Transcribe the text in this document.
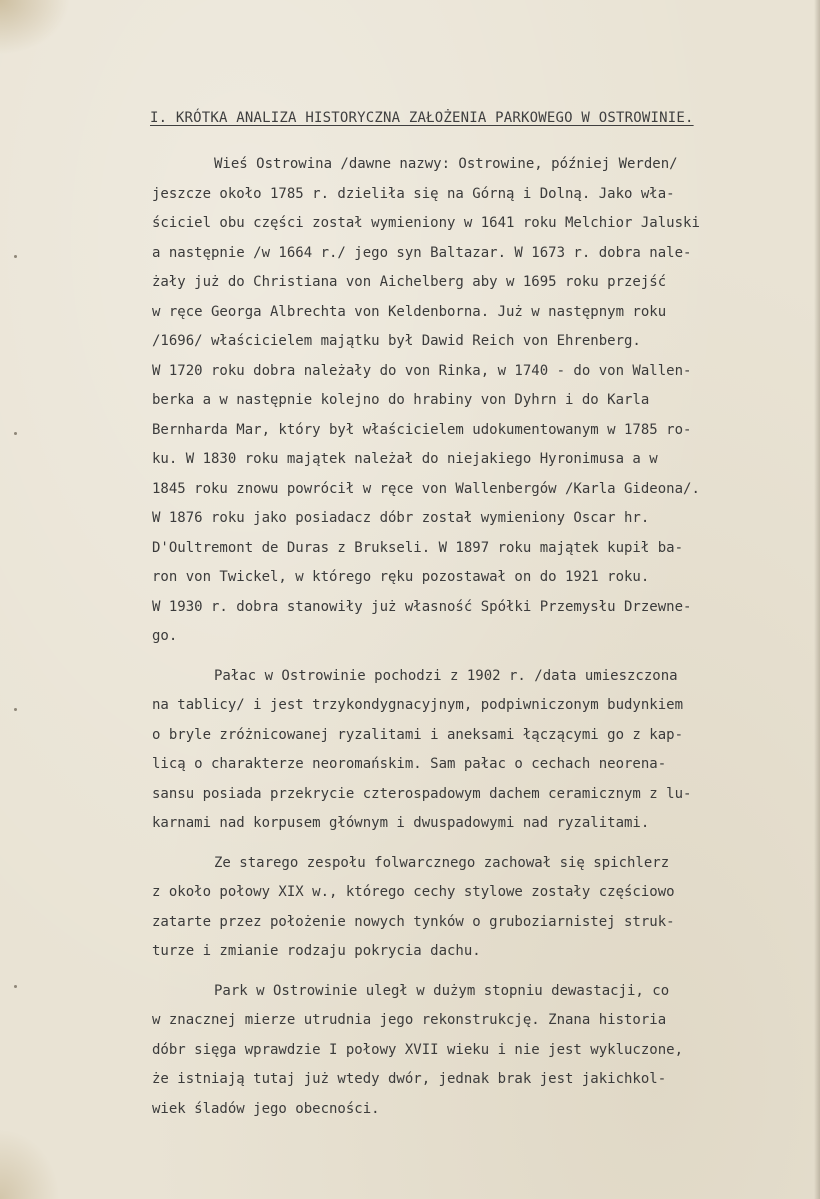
I. KRÓTKA ANALIZA HISTORYCZNA ZAŁOŻENIA PARKOWEGO W OSTROWINIE.
Wieś Ostrowina /dawne nazwy: Ostrowine, później Werden/
jeszcze około 1785 r. dzieliła się na Górną i Dolną. Jako wła-
ściciel obu części został wymieniony w 1641 roku Melchior Jaluski
a następnie /w 1664 r./ jego syn Baltazar. W 1673 r. dobra nale-
żały już do Christiana von Aichelberg aby w 1695 roku przejść
w ręce Georga Albrechta von Keldenborna. Już w następnym roku
/1696/ właścicielem majątku był Dawid Reich von Ehrenberg.
W 1720 roku dobra należały do von Rinka, w 1740 - do von Wallen-
berka a w następnie kolejno do hrabiny von Dyhrn i do Karla
Bernharda Mar, który był właścicielem udokumentowanym w 1785 ro-
ku. W 1830 roku majątek należał do niejakiego Hyronimusa a w
1845 roku znowu powrócił w ręce von Wallenbergów /Karla Gideona/.
W 1876 roku jako posiadacz dóbr został wymieniony Oscar hr.
D'Oultremont de Duras z Brukseli. W 1897 roku majątek kupił ba-
ron von Twickel, w którego ręku pozostawał on do 1921 roku.
W 1930 r. dobra stanowiły już własność Spółki Przemysłu Drzewne-
go.
Pałac w Ostrowinie pochodzi z 1902 r. /data umieszczona
na tablicy/ i jest trzykondygnacyjnym, podpiwniczonym budynkiem
o bryle zróżnicowanej ryzalitami i aneksami łączącymi go z kap-
licą o charakterze neoromańskim. Sam pałac o cechach neorena-
sansu posiada przekrycie czterospadowym dachem ceramicznym z lu-
karnami nad korpusem głównym i dwuspadowymi nad ryzalitami.
Ze starego zespołu folwarcznego zachował się spichlerz
z około połowy XIX w., którego cechy stylowe zostały częściowo
zatarte przez położenie nowych tynków o gruboziarnistej struk-
turze i zmianie rodzaju pokrycia dachu.
Park w Ostrowinie uległ w dużym stopniu dewastacji, co
w znacznej mierze utrudnia jego rekonstrukcję. Znana historia
dóbr sięga wprawdzie I połowy XVII wieku i nie jest wykluczone,
że istniają tutaj już wtedy dwór, jednak brak jest jakichkol-
wiek śladów jego obecności.
